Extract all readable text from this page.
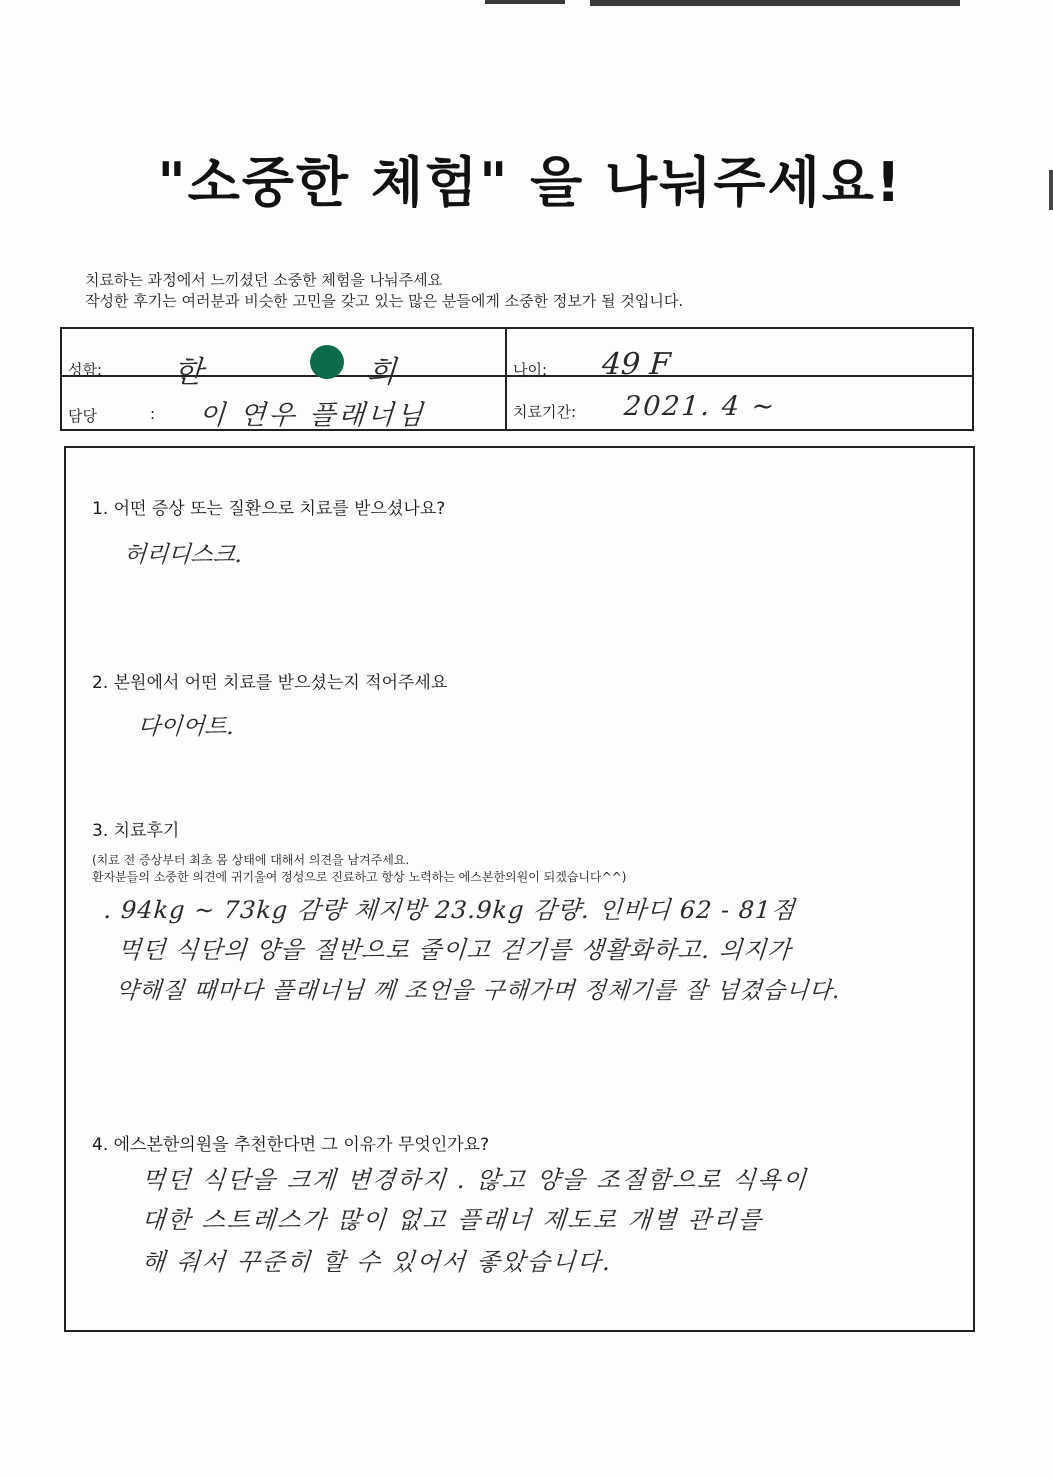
"소중한 체험" 을 나눠주세요!
치료하는 과정에서 느끼셨던 소중한 체험을 나눠주세요
작성한 후기는 여러분과 비슷한 고민을 갖고 있는 많은 분들에게 소중한 정보가 될 것입니다.
성함: 한	희	나이: 49 F
담당	: 이 연우 플래너님	치료기간: 2021. 4 ~
1. 어떤 증상 또는 질환으로 치료를 받으셨나요?
허리디스크.
2. 본원에서 어떤 치료를 받으셨는지 적어주세요
다이어트.
3. 치료후기
(치료 전 증상부터 최초 몸 상태에 대해서 의견을 남겨주세요.
환자분들의 소중한 의견에 귀기울여 정성으로 진료하고 항상 노력하는 에스본한의원이 되겠습니다^^)
. 94kg ~ 73kg 감량 체지방 23.9kg 감량. 인바디 62 - 81점
먹던 식단의 양을 절반으로 줄이고 걷기를 생활화하고. 의지가
약해질 때마다 플래너님 께 조언을 구해가며 정체기를 잘 넘겼습니다.
4. 에스본한의원을 추천한다면 그 이유가 무엇인가요?
먹던 식단을 크게 변경하지 . 않고 양을 조절함으로 식욕이
대한 스트레스가 많이 없고 플래너 제도로 개별 관리를
해 줘서 꾸준히 할 수 있어서 좋았습니다.
